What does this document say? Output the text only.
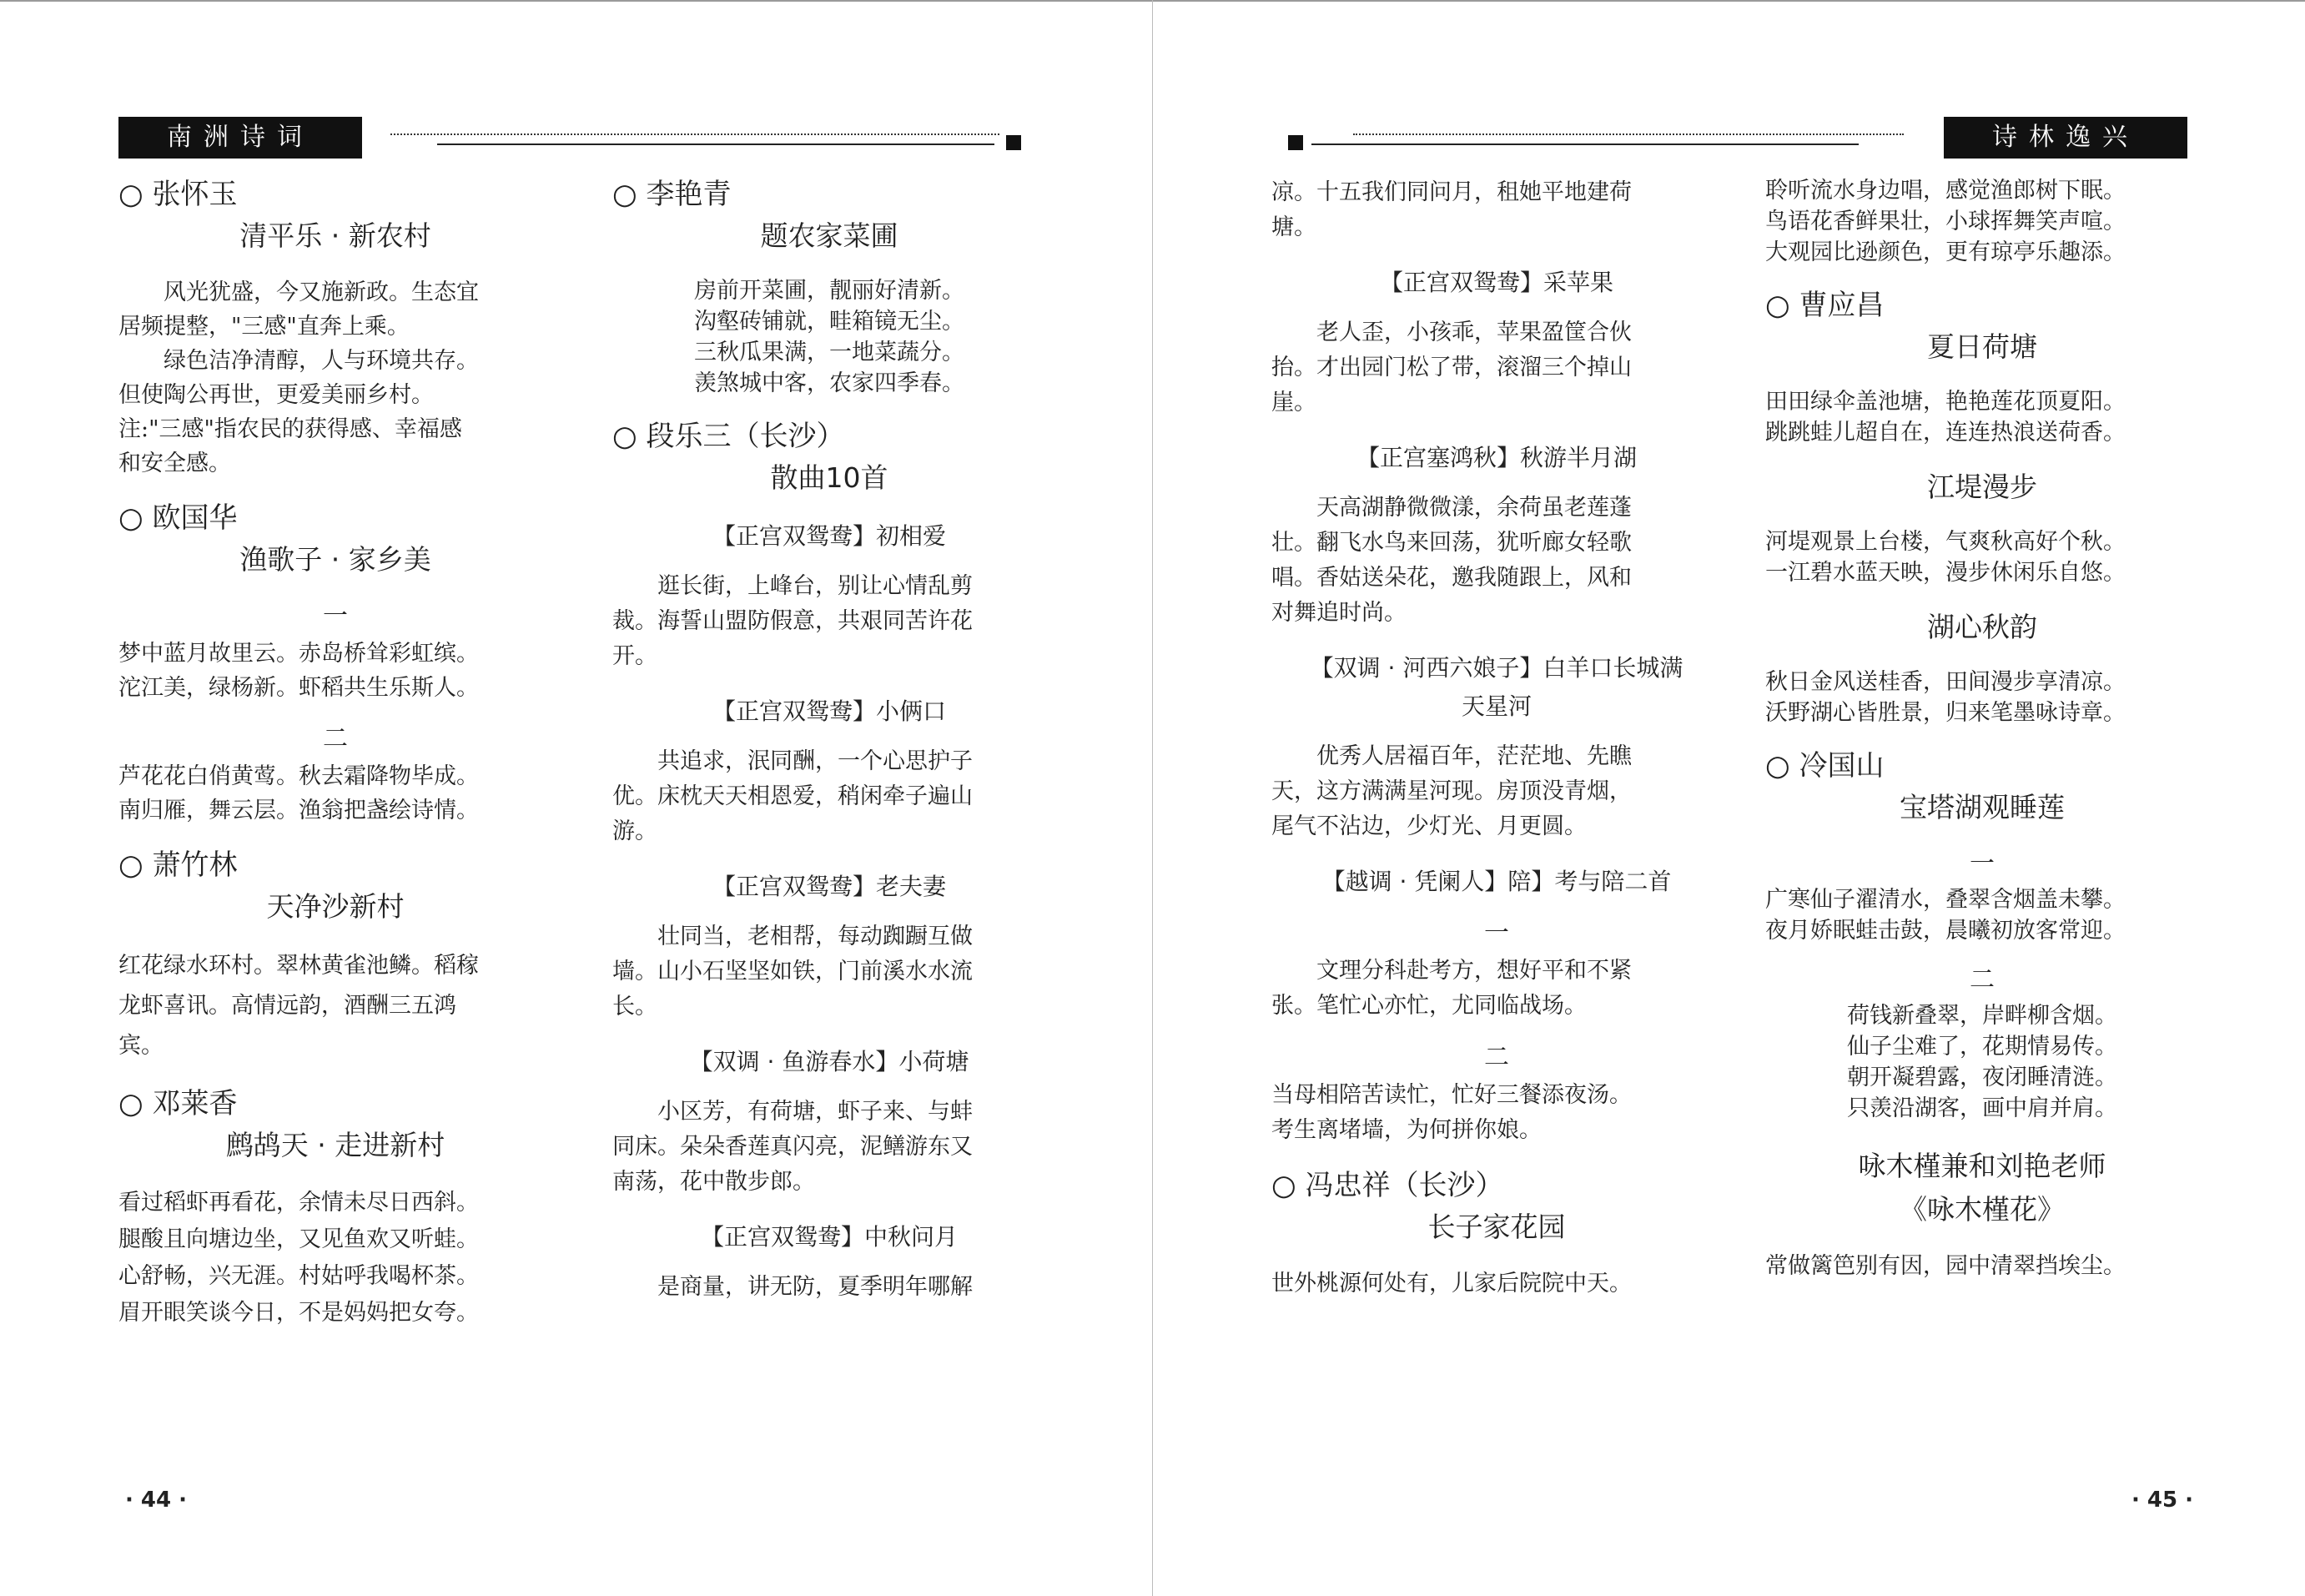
南洲诗词
○ 张怀玉
清平乐 · 新农村
风光犹盛，今又施新政。生态宜
居频提整，"三感"直奔上乘。
绿色洁净清醇，人与环境共存。
但使陶公再世，更爱美丽乡村。
注:"三感"指农民的获得感、幸福感
和安全感。
○ 欧国华
渔歌子 · 家乡美
一
梦中蓝月故里云。赤岛桥耸彩虹缤。
沱江美，绿杨新。虾稻共生乐斯人。
二
芦花花白俏黄莺。秋去霜降物毕成。
南归雁，舞云层。渔翁把盏绘诗情。
○ 萧竹林
天净沙新村
红花绿水环村。翠林黄雀池鳞。稻稼
龙虾喜讯。高情远韵，酒酬三五鸿
宾。
○ 邓莱香
鹧鸪天 · 走进新村
看过稻虾再看花，余情未尽日西斜。
腿酸且向塘边坐，又见鱼欢又听蛙。
心舒畅，兴无涯。村姑呼我喝杯茶。
眉开眼笑谈今日，不是妈妈把女夸。
○ 李艳青
题农家菜圃
房前开菜圃，靓丽好清新。
沟壑砖铺就，畦箱镜无尘。
三秋瓜果满，一地菜蔬分。
羡煞城中客，农家四季春。
○ 段乐三（长沙）
散曲10首
【正宫双鸳鸯】初相爱
逛长街，上峰台，别让心情乱剪
裁。海誓山盟防假意，共艰同苦许花
开。
【正宫双鸳鸯】小俩口
共追求，泯同酬，一个心思护子
优。床枕天天相恩爱，稍闲牵子遍山
游。
【正宫双鸳鸯】老夫妻
壮同当，老相帮，每动踟蹰互做
墙。山小石坚坚如铁，门前溪水水流
长。
【双调 · 鱼游春水】小荷塘
小区芳，有荷塘，虾子来、与蚌
同床。朵朵香莲真闪亮，泥鳝游东又
南荡，花中散步郎。
【正宫双鸳鸯】中秋问月
是商量，讲无防，夏季明年哪解
· 44 ·
诗林逸兴
凉。十五我们同问月，租她平地建荷
塘。
【正宫双鸳鸯】采苹果
老人歪，小孩乖，苹果盈筐合伙
抬。才出园门松了带，滚溜三个掉山
崖。
【正宫塞鸿秋】秋游半月湖
天高湖静微微漾，余荷虽老莲蓬
壮。翻飞水鸟来回荡，犹听廊女轻歌
唱。香姑送朵花，邀我随跟上，风和
对舞追时尚。
【双调 · 河西六娘子】白羊口长城满
天星河
优秀人居福百年，茫茫地、先瞧
天，这方满满星河现。房顶没青烟，
尾气不沾边，少灯光、月更圆。
【越调 · 凭阑人】陪】考与陪二首
一
文理分科赴考方，想好平和不紧
张。笔忙心亦忙，尤同临战场。
二
当母相陪苦读忙，忙好三餐添夜汤。
考生离堵墙，为何拼你娘。
○ 冯忠祥（长沙）
长子家花园
世外桃源何处有，儿家后院院中天。
聆听流水身边唱，感觉渔郎树下眠。
鸟语花香鲜果壮，小球挥舞笑声喧。
大观园比逊颜色，更有琼亭乐趣添。
○ 曹应昌
夏日荷塘
田田绿伞盖池塘，艳艳莲花顶夏阳。
跳跳蛙儿超自在，连连热浪送荷香。
江堤漫步
河堤观景上台楼，气爽秋高好个秋。
一江碧水蓝天映，漫步休闲乐自悠。
湖心秋韵
秋日金风送桂香，田间漫步享清凉。
沃野湖心皆胜景，归来笔墨咏诗章。
○ 冷国山
宝塔湖观睡莲
一
广寒仙子濯清水，叠翠含烟盖未攀。
夜月娇眠蛙击鼓，晨曦初放客常迎。
二
荷钱新叠翠，岸畔柳含烟。
仙子尘难了，花期情易传。
朝开凝碧露，夜闭睡清涟。
只羡沿湖客，画中肩并肩。
咏木槿兼和刘艳老师
《咏木槿花》
常做篱笆别有因，园中清翠挡埃尘。
· 45 ·
